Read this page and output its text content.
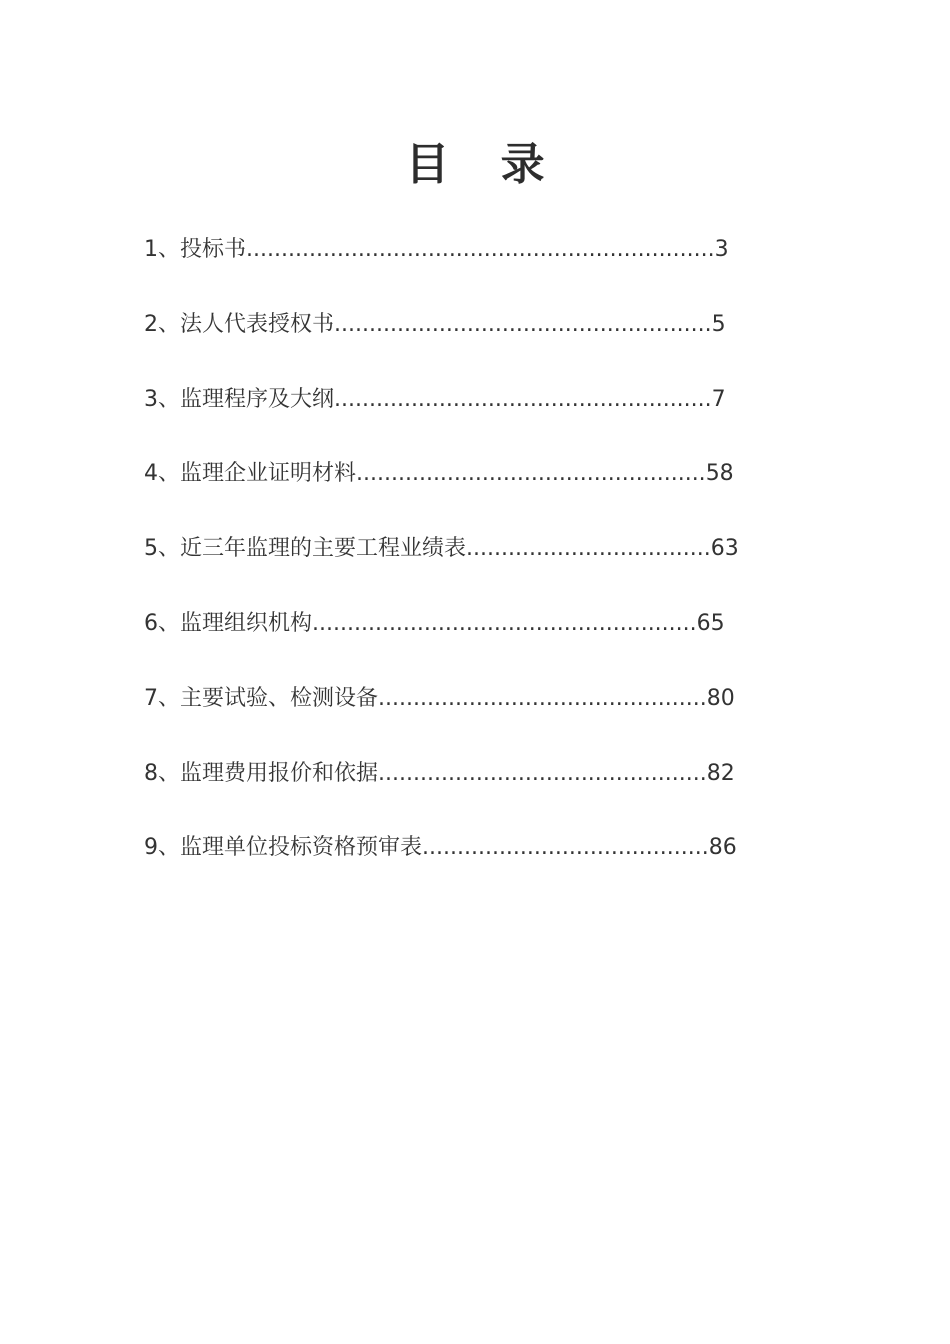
目 录
1、投标书...................................................................3
2、法人代表授权书......................................................5
3、监理程序及大纲......................................................7
4、监理企业证明材料..................................................58
5、近三年监理的主要工程业绩表...................................63
6、监理组织机构.......................................................65
7、主要试验、检测设备...............................................80
8、监理费用报价和依据...............................................82
9、监理单位投标资格预审表.........................................86
